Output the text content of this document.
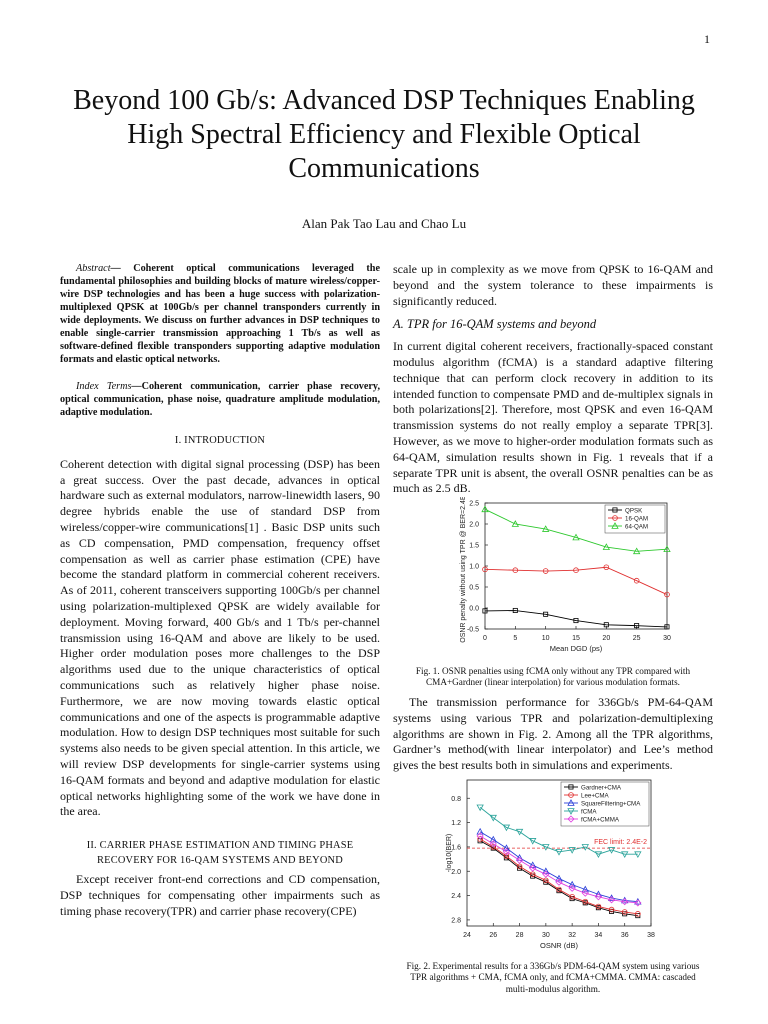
1
Beyond 100 Gb/s: Advanced DSP Techniques Enabling High Spectral Efficiency and Flexible Optical Communications
Alan Pak Tao Lau and Chao Lu

Abstract— Coherent optical communications leveraged the fundamental philosophies and building blocks of mature wireless/copper-wire DSP technologies and has been a huge success with polarization-multiplexed QPSK at 100Gb/s per channel transponders currently in wide deployments. We discuss on further advances in DSP techniques to enable single-carrier transmission approaching 1 Tb/s as well as software-defined flexible transponders supporting adaptive modulation formats and elastic optical networks.

Index Terms—Coherent communication, carrier phase recovery, optical communication, phase noise, quadrature amplitude modulation, adaptive modulation.

I. INTRODUCTION

Coherent detection with digital signal processing (DSP) has been a great success. Over the past decade, advances in optical hardware such as external modulators, narrow-linewidth lasers, 90 degree hybrids enable the use of standard DSP from wireless/copper-wire communications[1] . Basic DSP units such as CD compensation, PMD compensation, frequency offset compensation as well as carrier phase estimation (CPE) have become the standard platform in commercial coherent receivers. As of 2011, coherent transceivers supporting 100Gb/s per channel using polarization-multiplexed QPSK are widely available for deployment. Moving forward, 400 Gb/s and 1 Tb/s per-channel transmission using 16-QAM and above are likely to be used. Higher order modulation poses more challenges to the DSP algorithms used due to the unique characteristics of optical communications such as relatively higher phase noise. Furthermore, we are now moving towards elastic optical communications and one of the aspects is programmable adaptive modulation. How to design DSP techniques most suitable for such systems also needs to be given special attention. In this article, we will review DSP developments for single-carrier systems using 16-QAM formats and beyond and adaptive modulation for elastic optical networks highlighting some of the work we have done in the area.

II. CARRIER PHASE ESTIMATION AND TIMING PHASE
RECOVERY FOR 16-QAM SYSTEMS AND BEYOND

Except receiver front-end corrections and CD compensation, DSP techniques for compensating other impairments such as timing phase recovery(TPR) and carrier phase recovery(CPE)

scale up in complexity as we move from QPSK to 16-QAM and beyond and the system tolerance to these impairments is significantly reduced.

A. TPR for 16-QAM systems and beyond

In current digital coherent receivers, fractionally-spaced constant modulus algorithm (fCMA) is a standard adaptive filtering technique that can perform clock recovery in addition to its intended function to compensate PMD and de-multiplex signals in both polarizations[2]. Therefore, most QPSK and even 16-QAM transmission systems do not really employ a separate TPR[3]. However, as we move to higher-order modulation formats such as 64-QAM, simulation results shown in Fig. 1 reveals that if a separate TPR unit is absent, the overall OSNR penalties can be as much as 2.5 dB.

0	5	10	15	20	25	30
-0.5
0.0
0.5
1.0
1.5
2.0
2.5
Mean DGD (ps)
OSNR penalty without using TPR @ BER=2.4E-2	QPSK
16-QAM
64-QAM
Fig. 1. OSNR penalties using fCMA only without any TPR compared with CMA+Gardner (linear interpolation) for various modulation formats.

The transmission performance for 336Gb/s PM-64-QAM systems using various TPR and polarization-demultiplexing algorithms are shown in Fig. 2. Among all the TPR algorithms, Gardner’s method(with linear interpolator) and Lee’s method gives the best results both in simulations and experiments.

24	26	28	30	32	34	36	38
0.8
1.2
1.6
2.0
2.4
2.8
OSNR (dB)
-log10(BER)	FEC limit: 2.4E-2
Gardner+CMA
Lee+CMA
SquareFiltering+CMA
fCMA
fCMA+CMMA
Fig. 2. Experimental results for a 336Gb/s PDM-64-QAM system using various TPR algorithms + CMA, fCMA only, and fCMA+CMMA. CMMA: cascaded multi-modulus algorithm.
